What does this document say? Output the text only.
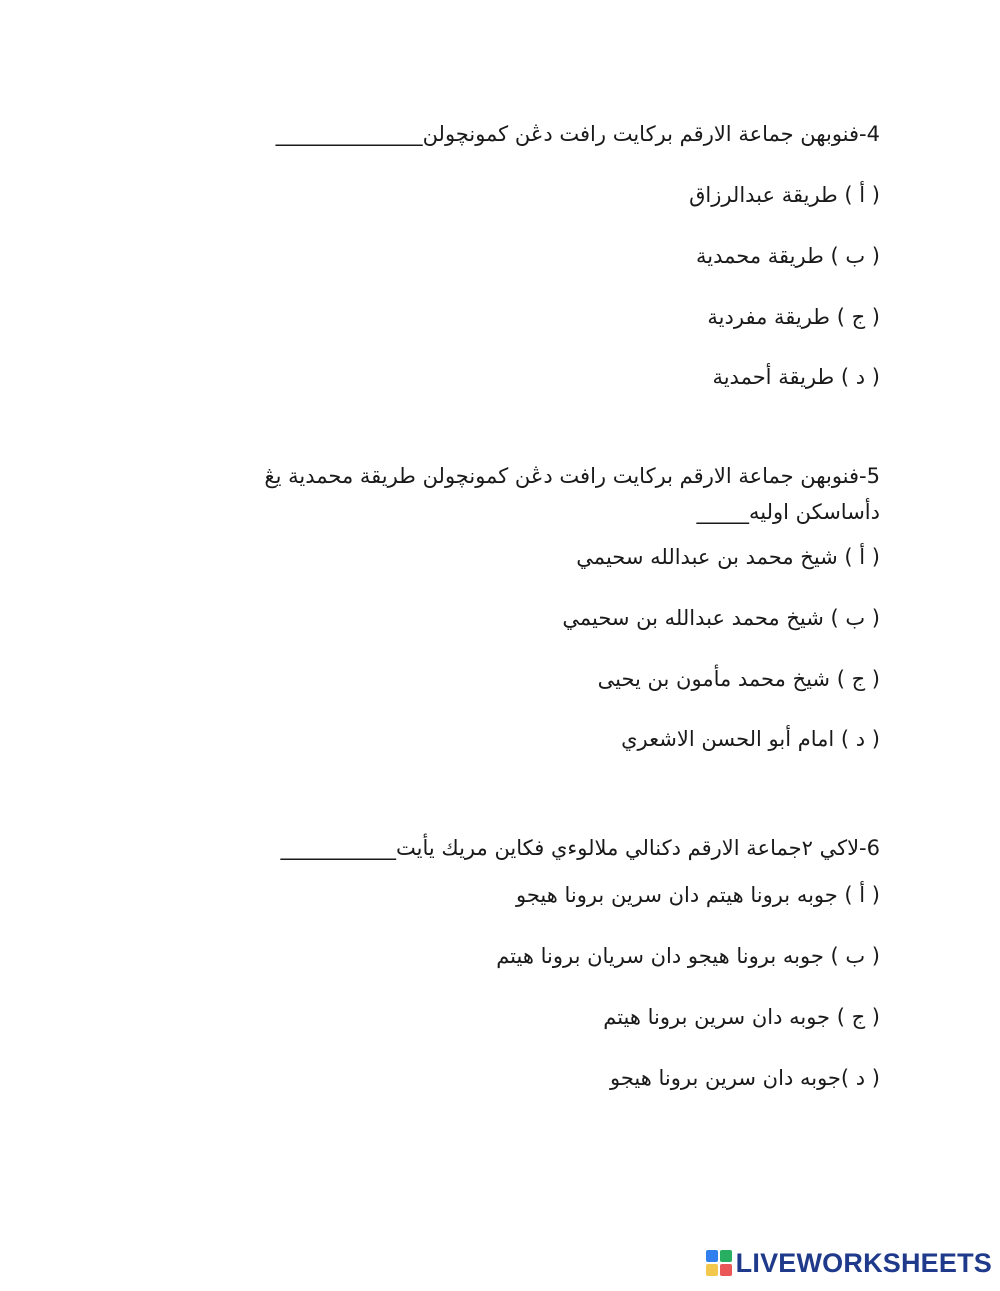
4-فنوبهن جماعة الارقم بركايت رافت دڠن كمونچولن______________
( أ ) طريقة عبدالرزاق
( ب ) طريقة محمدية
( ج ) طريقة مفردية
( د ) طريقة أحمدية
5-فنوبهن جماعة الارقم بركايت رافت دڠن كمونچولن طريقة محمدية يڠ دأساسكن اوليه_____
( أ ) شيخ محمد بن عبدالله سحيمي
( ب ) شيخ محمد عبدالله بن سحيمي
( ج ) شيخ محمد مأمون بن يحيى
( د ) امام أبو الحسن الاشعري
6-لاكي ٢جماعة الارقم دكنالي ملالوءي فكاين مريك يأيت___________
( أ ) جوبه برونا هيتم دان سرين برونا هيجو
( ب ) جوبه برونا هيجو دان سريان برونا هيتم
( ج ) جوبه دان سرين برونا هيتم
( د )جوبه دان سرين برونا هيجو
LIVEWORKSHEETS
